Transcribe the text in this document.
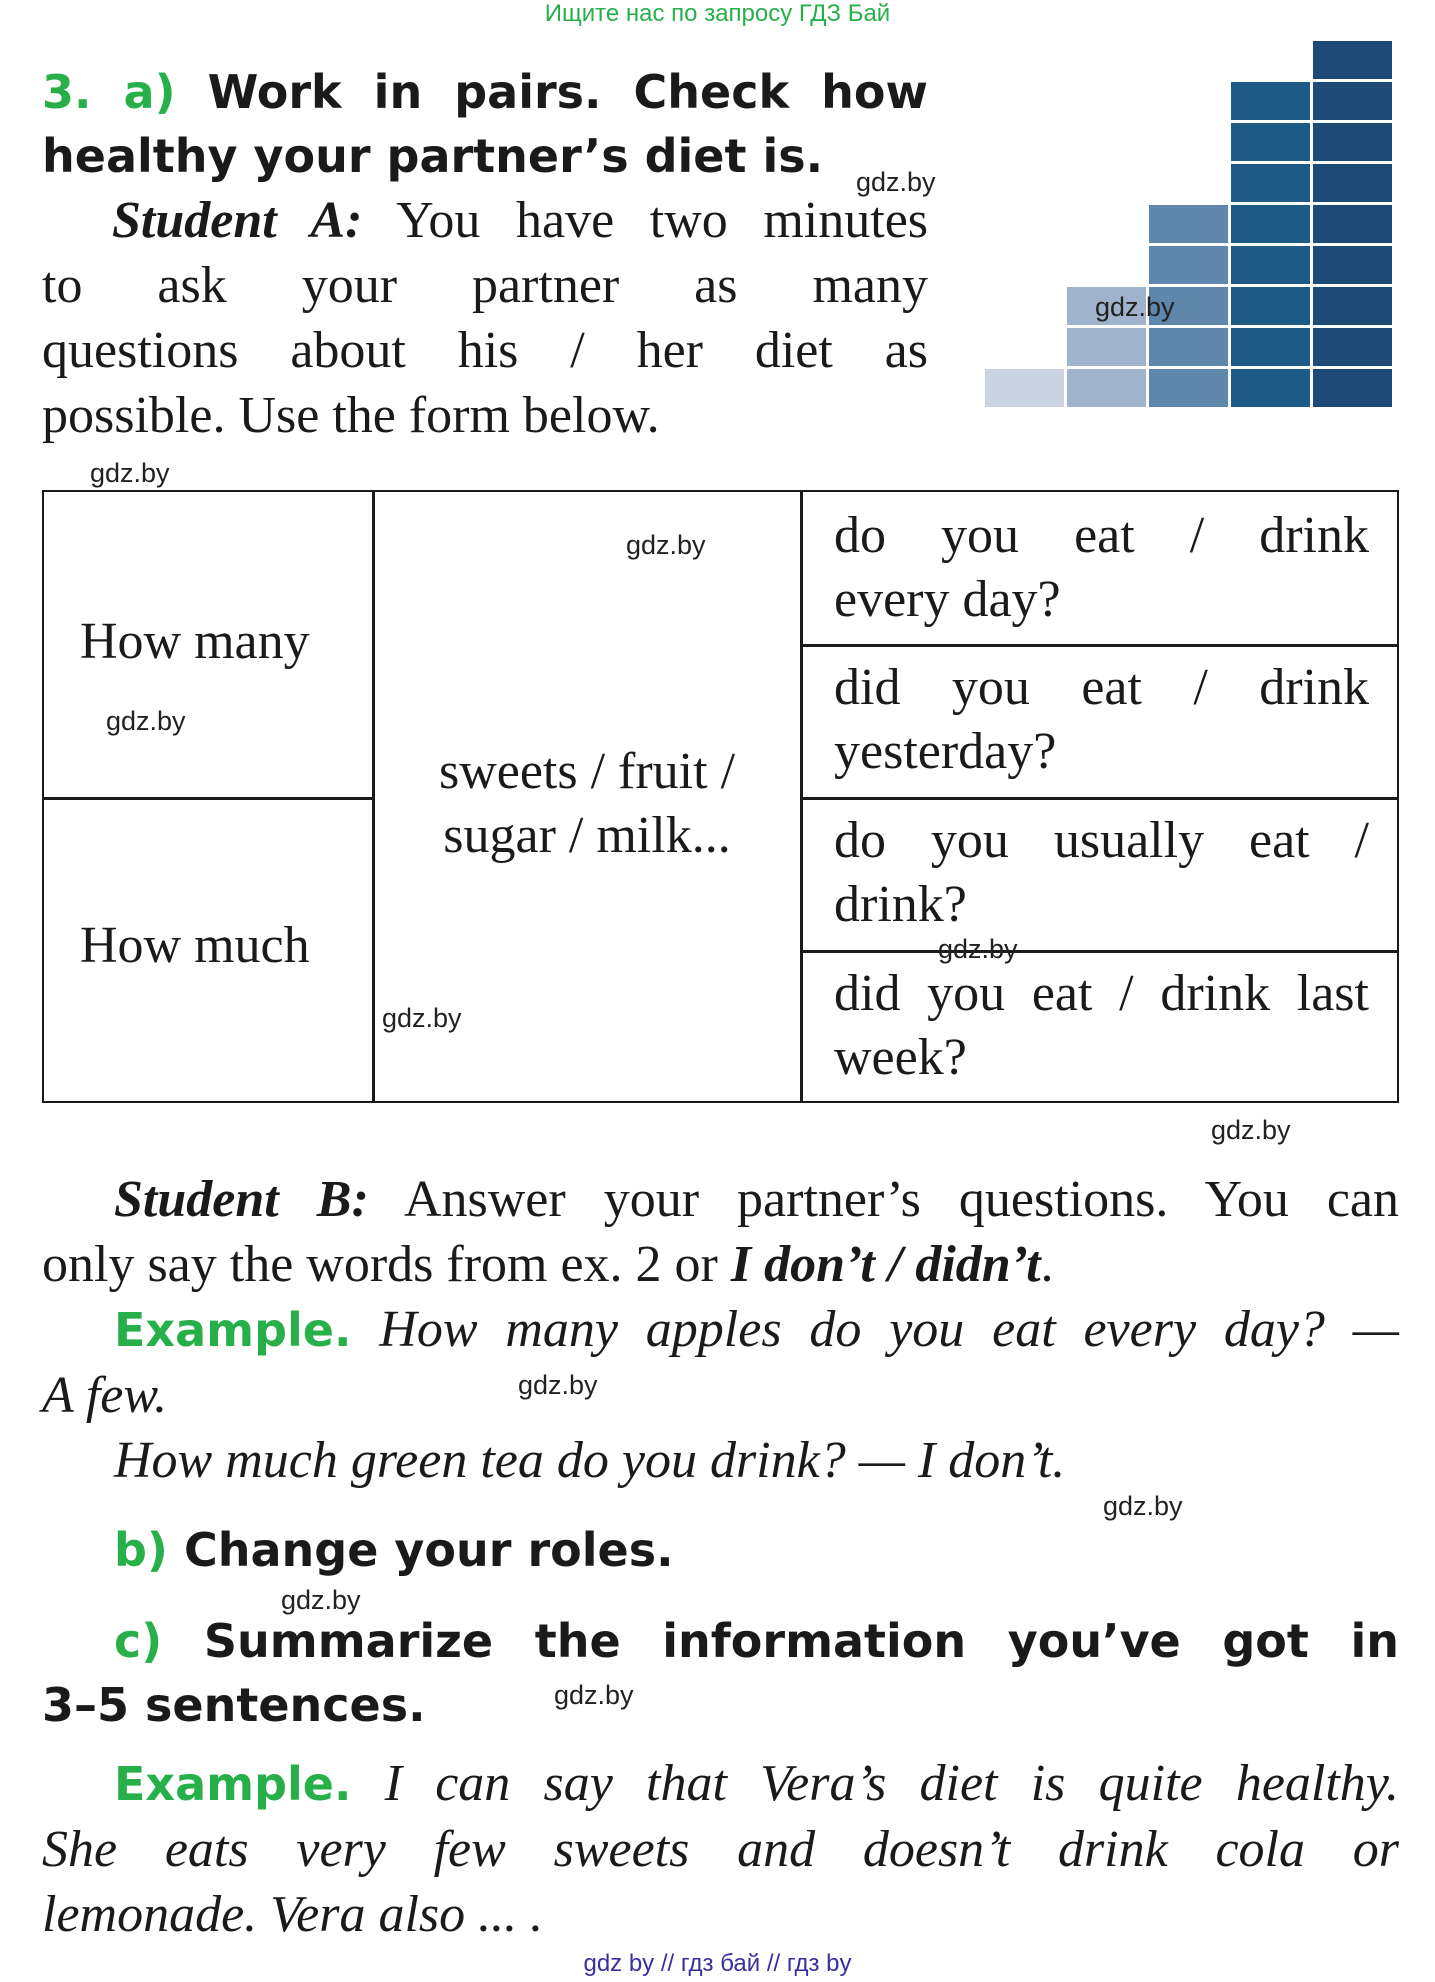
Ищите нас по запросу ГДЗ Бай
3. a) Work in pairs. Check how
healthy your partner’s diet is.
Student A: You have two minutes
to ask your partner as many
questions about his / her diet as
possible. Use the form below.
How many
How much
sweets / fruit /
sugar / milk...
do you eat / drink
every day?
did you eat / drink
yesterday?
do you usually eat /
drink?
did you eat / drink last
week?
Student B: Answer your partner’s questions. You can
only say the words from ex. 2 or I don’t / didn’t.
Example. How many apples do you eat every day? —
A few.
How much green tea do you drink? — I don’t.
b) Change your roles.
c) Summarize the information you’ve got in
3–5 sentences.
Example. I can say that Vera’s diet is quite healthy.
She eats very few sweets and doesn’t drink cola or
lemonade. Vera also ... .
gdz.by
gdz.by
gdz.by
gdz.by
gdz.by
gdz.by
gdz.by
gdz.by
gdz.by
gdz.by
gdz.by
gdz.by
gdz by // гдз бай // гдз by
